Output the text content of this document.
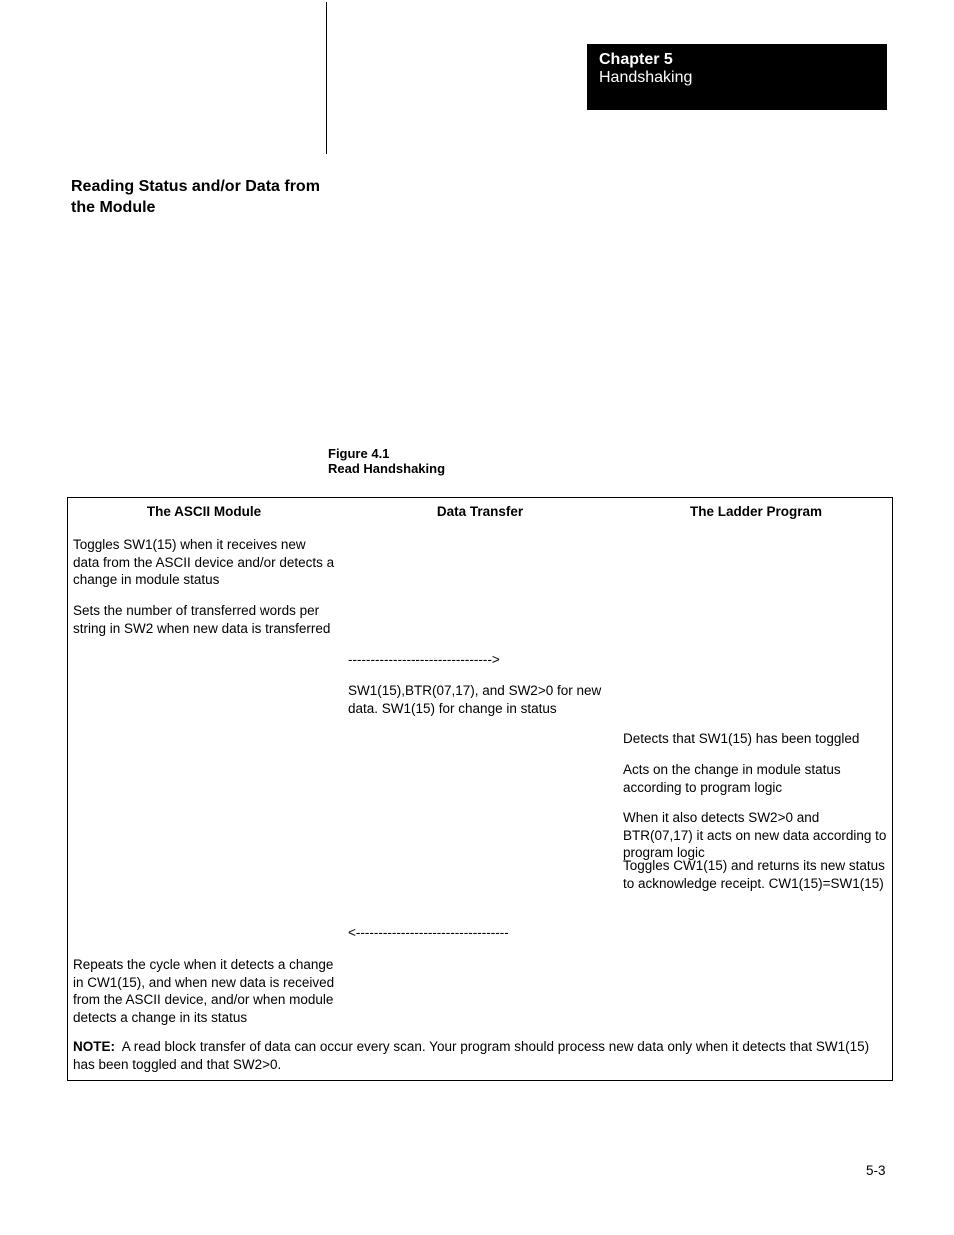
Chapter 5
Handshaking
Reading Status and/or Data from the Module
Figure 4.1
Read Handshaking
The ASCII Module	Data Transfer	The Ladder Program
Toggles SW1(15) when it receives new data from the ASCII device and/or detects a change in module status
Sets the number of transferred words per string in SW2 when new data is transferred
-------------------------------->
SW1(15),BTR(07,17), and SW2>0 for new data. SW1(15) for change in status
Detects that SW1(15) has been toggled
Acts on the change in module status according to program logic
When it also detects SW2>0 and BTR(07,17) it acts on new data according to program logic
Toggles CW1(15) and returns its new status to acknowledge receipt. CW1(15)=SW1(15)
<----------------------------------
Repeats the cycle when it detects a change in CW1(15), and when new data is received from the ASCII device, and/or when module detects a change in its status
NOTE: A read block transfer of data can occur every scan. Your program should process new data only when it detects that SW1(15) has been toggled and that SW2>0.
5-3
